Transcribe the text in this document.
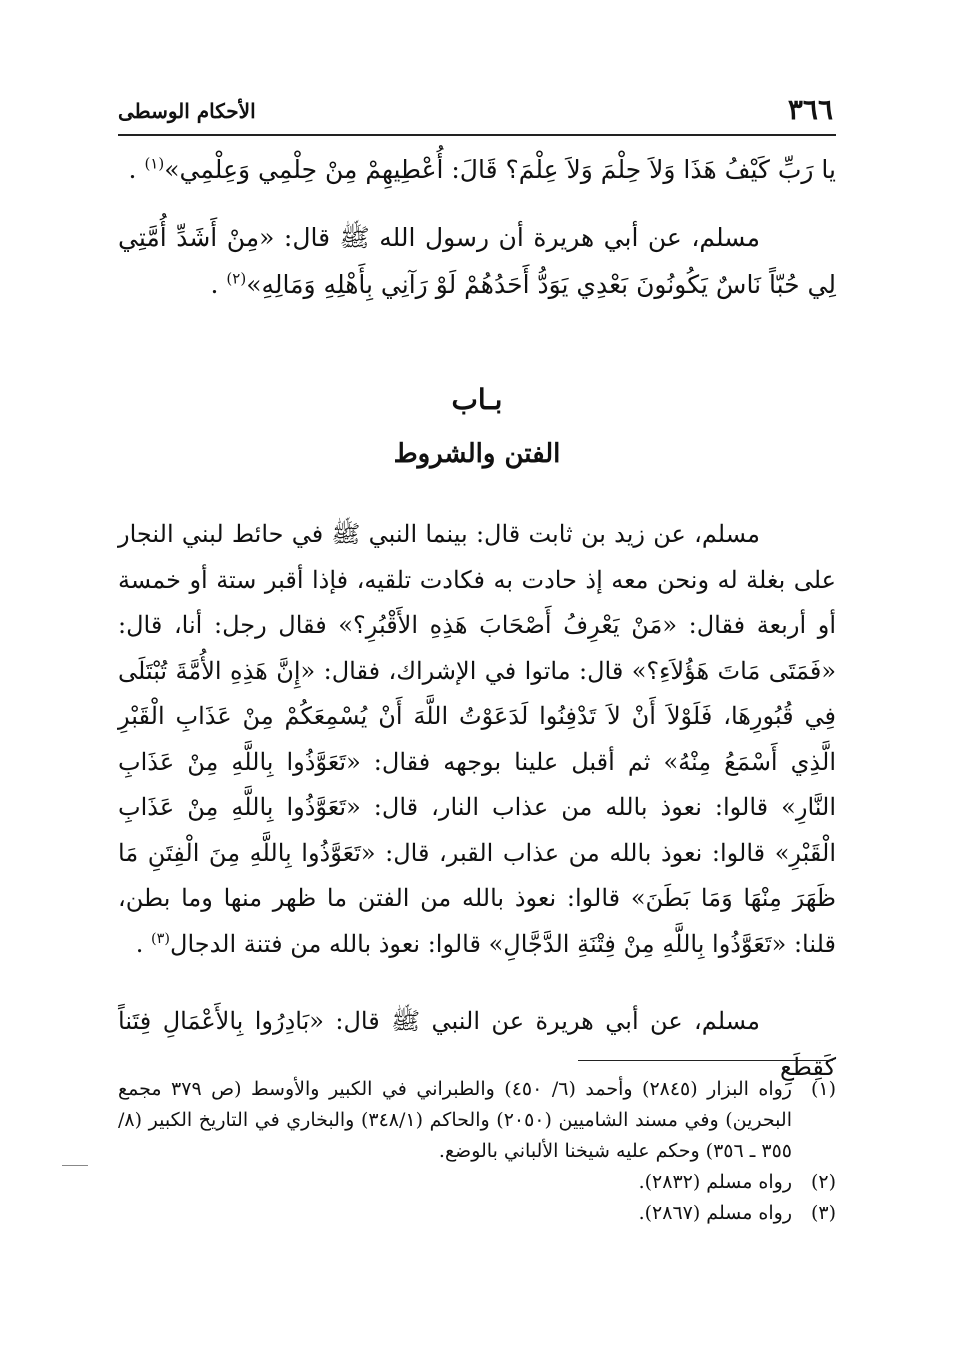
٣٦٦
الأحكام الوسطى

يا رَبِّ كَيْفُ هَذَا وَلاَ حِلْمَ وَلاَ عِلْمَ؟ قَالَ: أُعْطِيهِمْ مِنْ حِلْمِي وَعِلْمِي»$^{(١)}$ .

مسلم، عن أبي هريرة أن رسول الله ﷺ قال: «مِنْ أَشَدِّ أُمَّتِي لِي حُبّاً نَاسٌ يَكُونُونَ بَعْدِي يَوَدُّ أَحَدُهُمْ لَوْ رَآنِي بِأَهْلِهِ وَمَالِهِ»$^{(٢)}$ .

بـاب
الفتن والشروط

مسلم، عن زيد بن ثابت قال: بينما النبي ﷺ في حائط لبني النجار على بغلة له ونحن معه إذ حادت به فكادت تلقيه، فإذا أقبر ستة أو خمسة أو أربعة فقال: «مَنْ يَعْرِفُ أَصْحَابَ هَذِهِ الأَقْبُرِ؟» فقال رجل: أنا، قال: «فَمَتَى مَاتَ هَؤُلاَءِ؟» قال: ماتوا في الإشراك، فقال: «إِنَّ هَذِهِ الأُمَّةَ تُبْتَلَى فِي قُبُورِهَا، فَلَوْلاَ أَنْ لاَ تَدْفِنُوا لَدَعَوْتُ اللَّهَ أَنْ يُسْمِعَكُمْ مِنْ عَذَابِ الْقَبْرِ الَّذِي أَسْمَعُ مِنْهُ» ثم أقبل علينا بوجهه فقال: «تَعَوَّذُوا بِاللَّهِ مِنْ عَذَابِ النَّارِ» قالوا: نعوذ بالله من عذاب النار، قال: «تَعَوَّذُوا بِاللَّهِ مِنْ عَذَابِ الْقَبْرِ» قالوا: نعوذ بالله من عذاب القبر، قال: «تَعَوَّذُوا بِاللَّهِ مِنَ الْفِتَنِ مَا ظَهَرَ مِنْهَا وَمَا بَطَنَ» قالوا: نعوذ بالله من الفتن ما ظهر منها وما بطن، قلنا: «تَعَوَّذُوا بِاللَّهِ مِنْ فِتْنَةِ الدَّجَّالِ» قالوا: نعوذ بالله من فتنة الدجال$^{(٣)}$ .

مسلم، عن أبي هريرة عن النبي ﷺ قال: «بَادِرُوا بِالأَعْمَالِ فِتَناً كَقِطَعِ

(١)
رواه البزار (٢٨٤٥) وأحمد (٦/ ٤٥٠) والطبراني في الكبير والأوسط (ص ٣٧٩ مجمع البحرين) وفي مسند الشاميين (٢٠٥٠) والحاكم (٣٤٨/١) والبخاري في التاريخ الكبير (٨/ ٣٥٥ ـ ٣٥٦) وحكم عليه شيخنا الألباني بالوضع.

(٢)
رواه مسلم (٢٨٣٢).

(٣)
رواه مسلم (٢٨٦٧).
